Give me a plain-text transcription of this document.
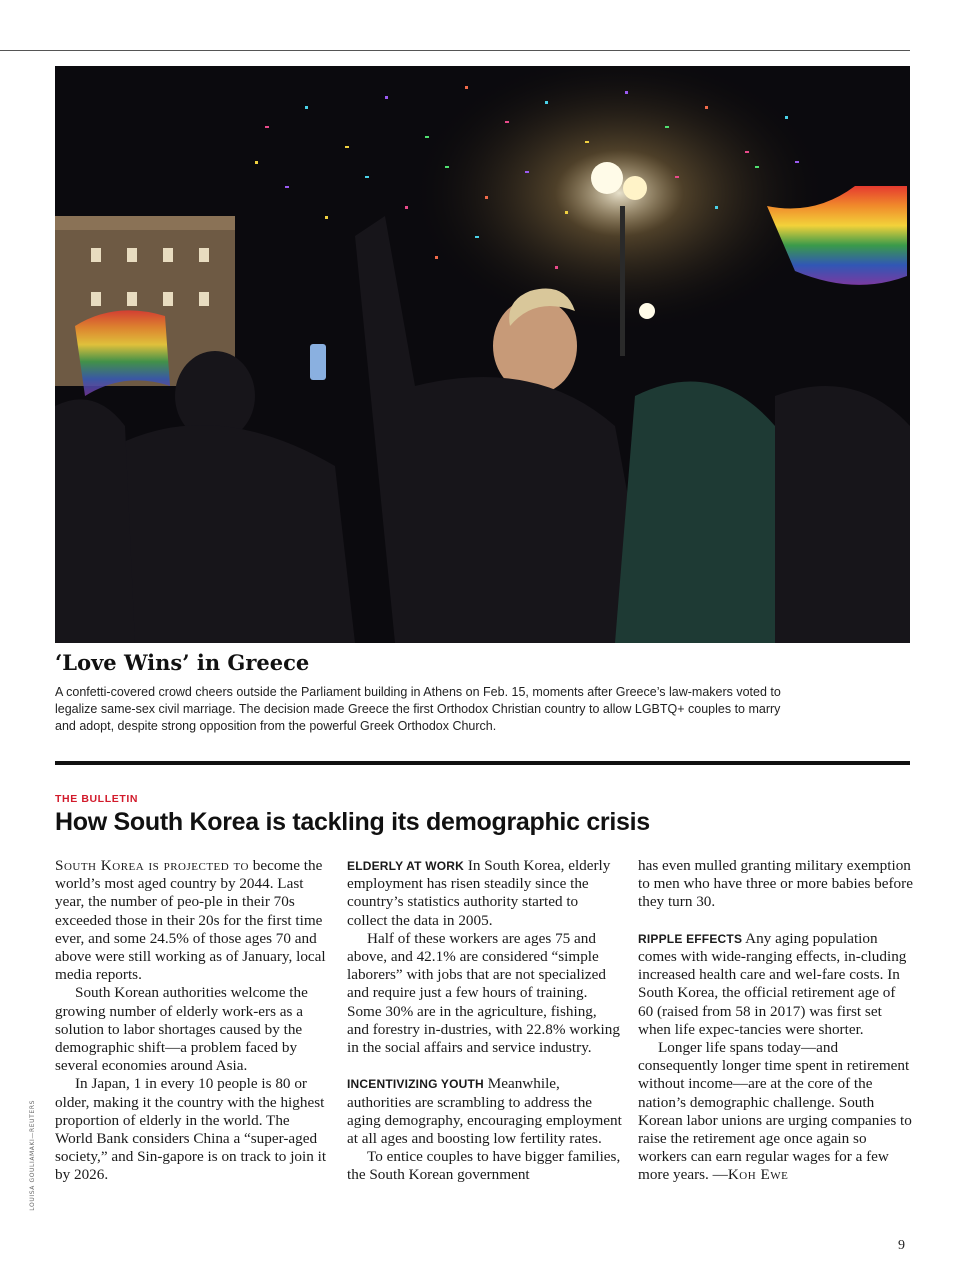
LOUISA GOULIAMAKI—REUTERS
‘Love Wins’ in Greece

A confetti-covered crowd cheers outside the Parliament building in Athens on Feb. 15, moments after Greece’s law-makers voted to legalize same-sex civil marriage. The decision made Greece the first Orthodox Christian country to allow LGBTQ+ couples to marry and adopt, despite strong opposition from the powerful Greek Orthodox Church.

THE BULLETIN
How South Korea is tackling its demographic crisis

South Korea is projected to become the world’s most aged country by 2044. Last year, the number of peo-ple in their 70s exceeded those in their 20s for the first time ever, and some 24.5% of those ages 70 and above were still working as of January, local media reports.

South Korean authorities welcome the growing number of elderly work-ers as a solution to labor shortages caused by the demographic shift—a problem faced by several economies around Asia.

In Japan, 1 in every 10 people is 80 or older, making it the country with the highest proportion of elderly in the world. The World Bank considers China a “super-aged society,” and Sin-gapore is on track to join it by 2026.

ELDERLY AT WORK In South Korea, elderly employment has risen steadily since the country’s statistics authority started to collect the data in 2005.

Half of these workers are ages 75 and above, and 42.1% are considered “simple laborers” with jobs that are not specialized and require just a few hours of training. Some 30% are in the agriculture, fishing, and forestry in-dustries, with 22.8% working in the social affairs and service industry.

INCENTIVIZING YOUTH Meanwhile, authorities are scrambling to address the aging demography, encouraging employment at all ages and boosting low fertility rates.

To entice couples to have bigger families, the South Korean government

has even mulled granting military exemption to men who have three or more babies before they turn 30.

RIPPLE EFFECTS Any aging population comes with wide-ranging effects, in-cluding increased health care and wel-fare costs. In South Korea, the official retirement age of 60 (raised from 58 in 2017) was first set when life expec-tancies were shorter.

Longer life spans today—and consequently longer time spent in retirement without income—are at the core of the nation’s demographic challenge. South Korean labor unions are urging companies to raise the retirement age once again so workers can earn regular wages for a few more years. —Koh Ewe

9
